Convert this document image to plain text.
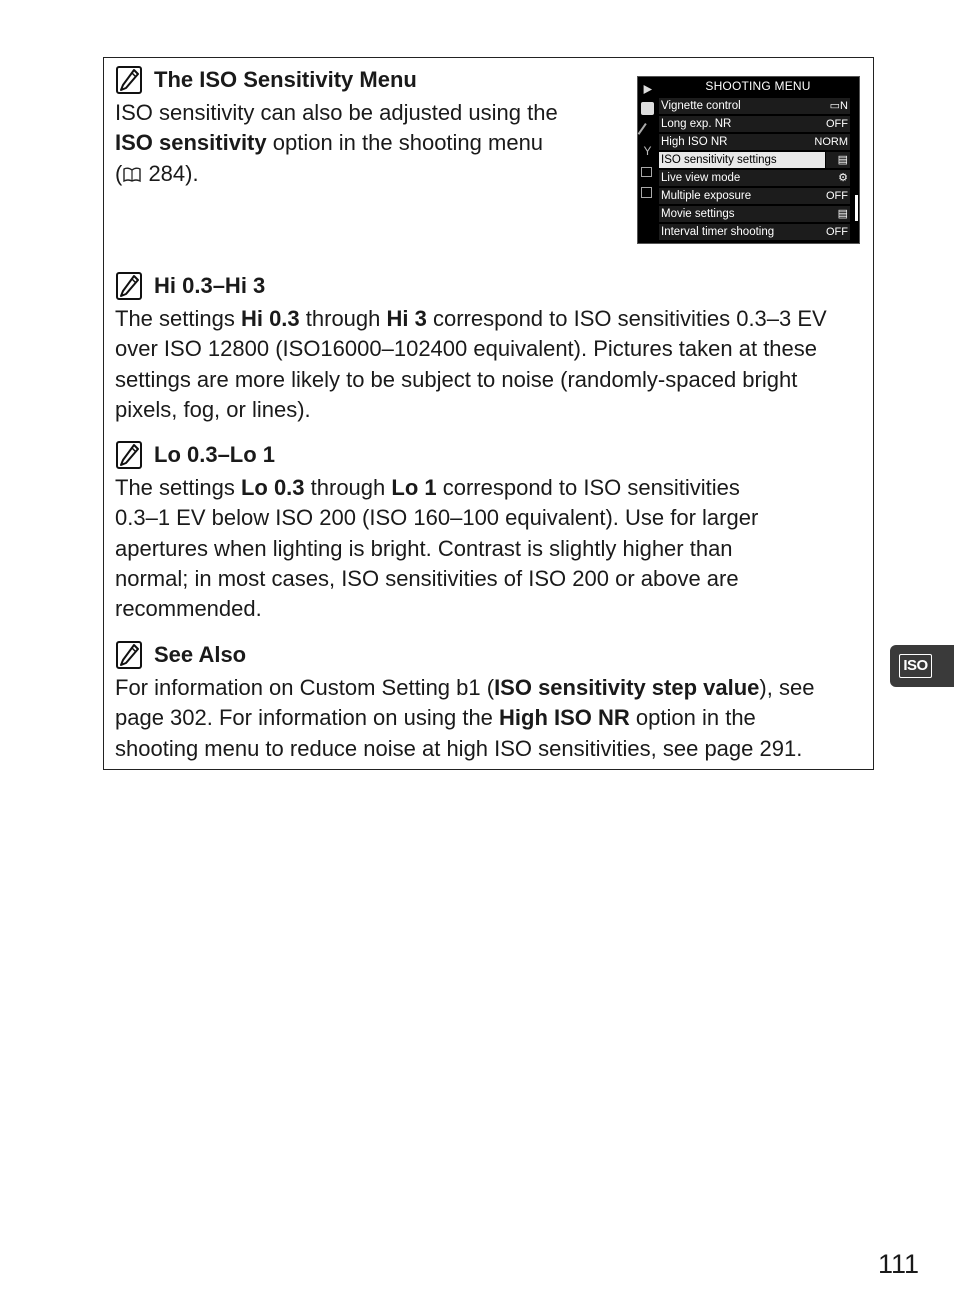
The ISO Sensitivity Menu

ISO sensitivity can also be adjusted using the
ISO sensitivity option in the shooting menu
( 284).

Y
SHOOTING MENU
Vignette control	▭N
Long exp. NR	OFF
High ISO NR	NORM
ISO sensitivity settings	▤
Live view mode	⚙
Multiple exposure	OFF
Movie settings	▤
Interval timer shooting	OFF
Hi 0.3–Hi 3

The settings Hi 0.3 through Hi 3 correspond to ISO sensitivities 0.3–3 EV
over ISO 12800 (ISO16000–102400 equivalent). Pictures taken at these
settings are more likely to be subject to noise (randomly-spaced bright
pixels, fog, or lines).

Lo 0.3–Lo 1

The settings Lo 0.3 through Lo 1 correspond to ISO sensitivities
0.3–1 EV below ISO 200 (ISO 160–100 equivalent). Use for larger
apertures when lighting is bright. Contrast is slightly higher than
normal; in most cases, ISO sensitivities of ISO 200 or above are
recommended.

See Also

For information on Custom Setting b1 (ISO sensitivity step value), see
page 302. For information on using the High ISO NR option in the
shooting menu to reduce noise at high ISO sensitivities, see page 291.

ISO
111
